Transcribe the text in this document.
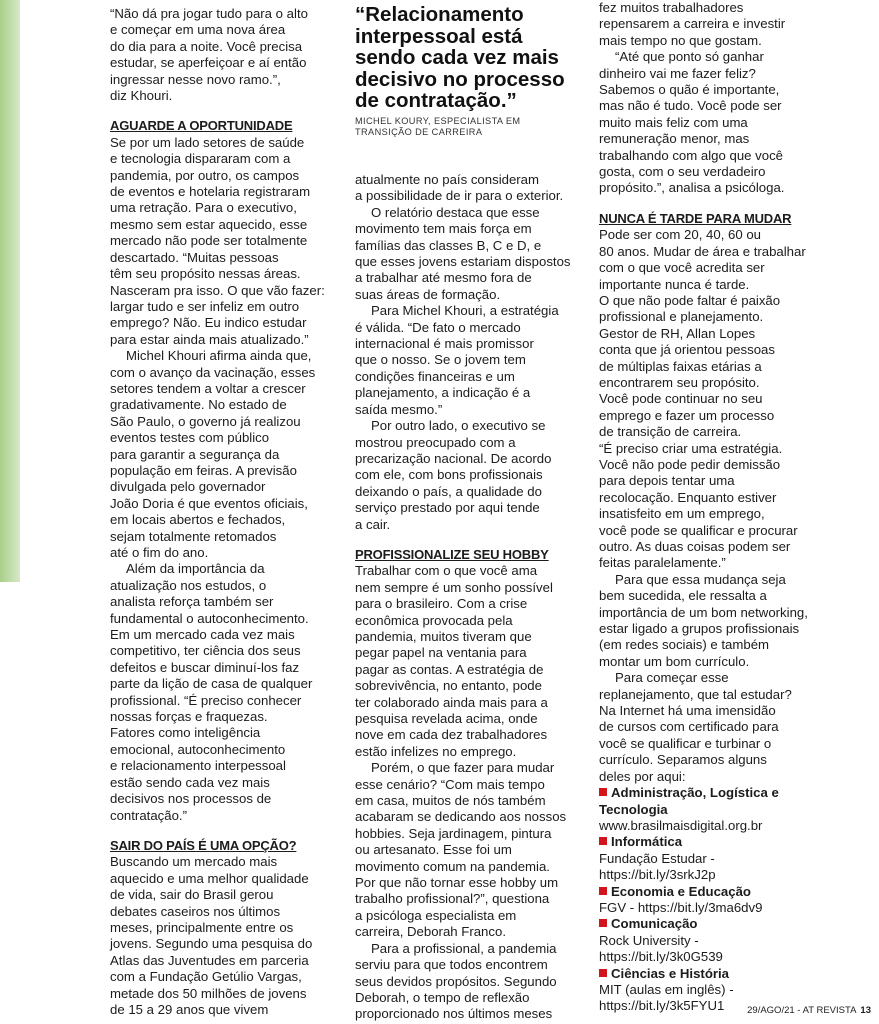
“Não dá pra jogar tudo para o alto
e começar em uma nova área
do dia para a noite. Você precisa
estudar, se aperfeiçoar e aí então
ingressar nesse novo ramo.”,
diz Khouri.

AGUARDE A OPORTUNIDADE

Se por um lado setores de saúde
e tecnologia dispararam com a
pandemia, por outro, os campos
de eventos e hotelaria registraram
uma retração. Para o executivo,
mesmo sem estar aquecido, esse
mercado não pode ser totalmente
descartado. “Muitas pessoas
têm seu propósito nessas áreas.
Nasceram pra isso. O que vão fazer:
largar tudo e ser infeliz em outro
emprego? Não. Eu indico estudar
para estar ainda mais atualizado.”

Michel Khouri afirma ainda que,
com o avanço da vacinação, esses
setores tendem a voltar a crescer
gradativamente. No estado de
São Paulo, o governo já realizou
eventos testes com público
para garantir a segurança da
população em feiras. A previsão
divulgada pelo governador
João Doria é que eventos oficiais,
em locais abertos e fechados,
sejam totalmente retomados
até o fim do ano.

Além da importância da
atualização nos estudos, o
analista reforça também ser
fundamental o autoconhecimento.
Em um mercado cada vez mais
competitivo, ter ciência dos seus
defeitos e buscar diminuí-los faz
parte da lição de casa de qualquer
profissional. “É preciso conhecer
nossas forças e fraquezas.
Fatores como inteligência
emocional, autoconhecimento
e relacionamento interpessoal
estão sendo cada vez mais
decisivos nos processos de
contratação.”

SAIR DO PAÍS É UMA OPÇÃO?

Buscando um mercado mais
aquecido e uma melhor qualidade
de vida, sair do Brasil gerou
debates caseiros nos últimos
meses, principalmente entre os
jovens. Segundo uma pesquisa do
Atlas das Juventudes em parceria
com a Fundação Getúlio Vargas,
metade dos 50 milhões de jovens
de 15 a 29 anos que vivem

“Relacionamento
interpessoal está
sendo cada vez mais
decisivo no processo
de contratação.”
MICHEL KOURY, ESPECIALISTA EM
TRANSIÇÃO DE CARREIRA

atualmente no país consideram
a possibilidade de ir para o exterior.

O relatório destaca que esse
movimento tem mais força em
famílias das classes B, C e D, e
que esses jovens estariam dispostos
a trabalhar até mesmo fora de
suas áreas de formação.

Para Michel Khouri, a estratégia
é válida. “De fato o mercado
internacional é mais promissor
que o nosso. Se o jovem tem
condições financeiras e um
planejamento, a indicação é a
saída mesmo.”

Por outro lado, o executivo se
mostrou preocupado com a
precarização nacional. De acordo
com ele, com bons profissionais
deixando o país, a qualidade do
serviço prestado por aqui tende
a cair.

PROFISSIONALIZE SEU HOBBY

Trabalhar com o que você ama
nem sempre é um sonho possível
para o brasileiro. Com a crise
econômica provocada pela
pandemia, muitos tiveram que
pegar papel na ventania para
pagar as contas. A estratégia de
sobrevivência, no entanto, pode
ter colaborado ainda mais para a
pesquisa revelada acima, onde
nove em cada dez trabalhadores
estão infelizes no emprego.

Porém, o que fazer para mudar
esse cenário? “Com mais tempo
em casa, muitos de nós também
acabaram se dedicando aos nossos
hobbies. Seja jardinagem, pintura
ou artesanato. Esse foi um
movimento comum na pandemia.
Por que não tornar esse hobby um
trabalho profissional?”, questiona
a psicóloga especialista em
carreira, Deborah Franco.

Para a profissional, a pandemia
serviu para que todos encontrem
seus devidos propósitos. Segundo
Deborah, o tempo de reflexão
proporcionado nos últimos meses

fez muitos trabalhadores
repensarem a carreira e investir
mais tempo no que gostam.

“Até que ponto só ganhar
dinheiro vai me fazer feliz?
Sabemos o quão é importante,
mas não é tudo. Você pode ser
muito mais feliz com uma
remuneração menor, mas
trabalhando com algo que você
gosta, com o seu verdadeiro
propósito.”, analisa a psicóloga.

NUNCA É TARDE PARA MUDAR

Pode ser com 20, 40, 60 ou
80 anos. Mudar de área e trabalhar
com o que você acredita ser
importante nunca é tarde.
O que não pode faltar é paixão
profissional e planejamento.
Gestor de RH, Allan Lopes
conta que já orientou pessoas
de múltiplas faixas etárias a
encontrarem seu propósito.
Você pode continuar no seu
emprego e fazer um processo
de transição de carreira.
“É preciso criar uma estratégia.
Você não pode pedir demissão
para depois tentar uma
recolocação. Enquanto estiver
insatisfeito em um emprego,
você pode se qualificar e procurar
outro. As duas coisas podem ser
feitas paralelamente.”

Para que essa mudança seja
bem sucedida, ele ressalta a
importância de um bom networking,
estar ligado a grupos profissionais
(em redes sociais) e também
montar um bom currículo.

Para começar esse
replanejamento, que tal estudar?
Na Internet há uma imensidão
de cursos com certificado para
você se qualificar e turbinar o
currículo. Separamos alguns
deles por aqui:

Administração, Logística e
Tecnologia
www.brasilmaisdigital.org.br
Informática
Fundação Estudar -
https://bit.ly/3srkJ2p
Economia e Educação
FGV - https://bit.ly/3ma6dv9
Comunicação
Rock University -
https://bit.ly/3k0G539
Ciências e História
MIT (aulas em inglês) -
https://bit.ly/3k5FYU1	29/AGO/21 - AT REVISTA 13
